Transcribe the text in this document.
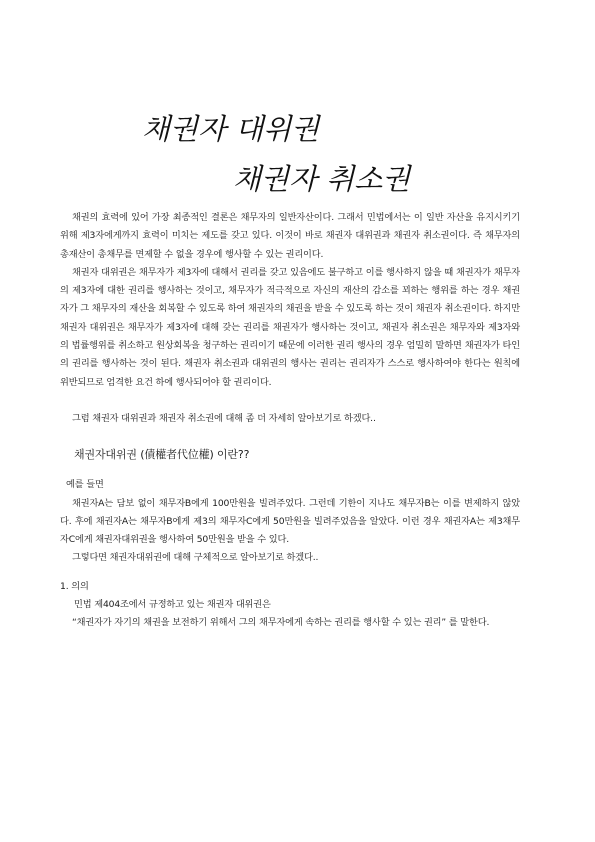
채권자 대위권
채권자 취소권

채권의 효력에 있어 가장 최종적인 결론은 채무자의 일반자산이다. 그래서 민법에서는 이 일반 자산을 유지시키기 위해 제3자에게까지 효력이 미치는 제도를 갖고 있다. 이것이 바로 채권자 대위권과 채권자 취소권이다. 즉 채무자의 총재산이 총채무를 면제할 수 없을 경우에 행사할 수 있는 권리이다.

채권자 대위권은 채무자가 제3자에 대해서 권리를 갖고 있음에도 불구하고 이를 행사하지 않을 때 채권자가 채무자의 제3자에 대한 권리를 행사하는 것이고, 채무자가 적극적으로 자신의 재산의 감소를 꾀하는 행위를 하는 경우 채권자가 그 채무자의 재산을 회복할 수 있도록 하여 채권자의 채권을 받을 수 있도록 하는 것이 채권자 취소권이다. 하지만 채권자 대위권은 채무자가 제3자에 대해 갖는 권리를 채권자가 행사하는 것이고, 채권자 취소권은 채무자와 제3자와의 법률행위를 취소하고 원상회복을 청구하는 권리이기 때문에 이러한 권리 행사의 경우 엄밀히 말하면 채권자가 타인의 권리를 행사하는 것이 된다. 채권자 취소권과 대위권의 행사는 권리는 권리자가 스스로 행사하여야 한다는 원칙에 위반되므로 엄격한 요건 하에 행사되어야 할 권리이다.

그럼 채권자 대위권과 채권자 취소권에 대해 좀 더 자세히 알아보기로 하겠다..

채권자대위권 (債權者代位權) 이란??

예를 들면

채권자A는 담보 없이 채무자B에게 100만원을 빌려주었다. 그런데 기한이 지나도 채무자B는 이를 변제하지 않았다. 후에 채권자A는 채무자B에게 제3의 채무자C에게 50만원을 빌려주었음을 알았다. 이런 경우 채권자A는 제3채무자C에게 채권자대위권을 행사하여 50만원을 받을 수 있다.

그렇다면 채권자대위권에 대해 구체적으로 알아보기로 하겠다..

1. 의의

민법 제404조에서 규정하고 있는 채권자 대위권은

“채권자가 자기의 채권을 보전하기 위해서 그의 채무자에게 속하는 권리를 행사할 수 있는 권리” 를 말한다.
